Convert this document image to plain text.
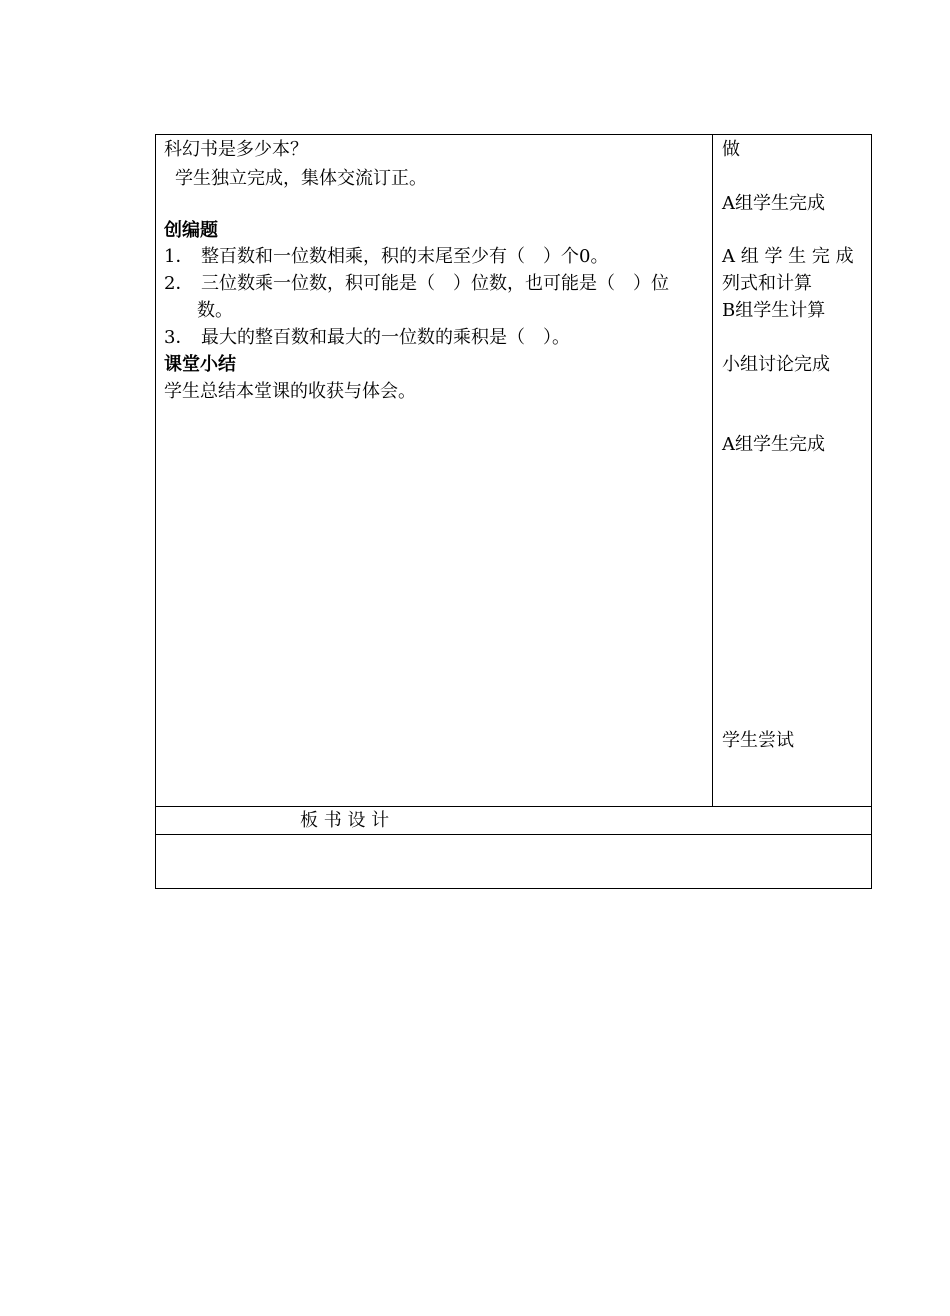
科幻书是多少本？
学生独立完成，集体交流订正。
创编题
1． 整百数和一位数相乘，积的末尾至少有（　）个0。
2． 三位数乘一位数，积可能是（　）位数，也可能是（　）位
数。
3． 最大的整百数和最大的一位数的乘积是（　）。
课堂小结
学生总结本堂课的收获与体会。
做
A组学生完成
A 组 学 生 完 成
列式和计算
B组学生计算
小组讨论完成
A组学生完成
学生尝试
板 书 设 计
